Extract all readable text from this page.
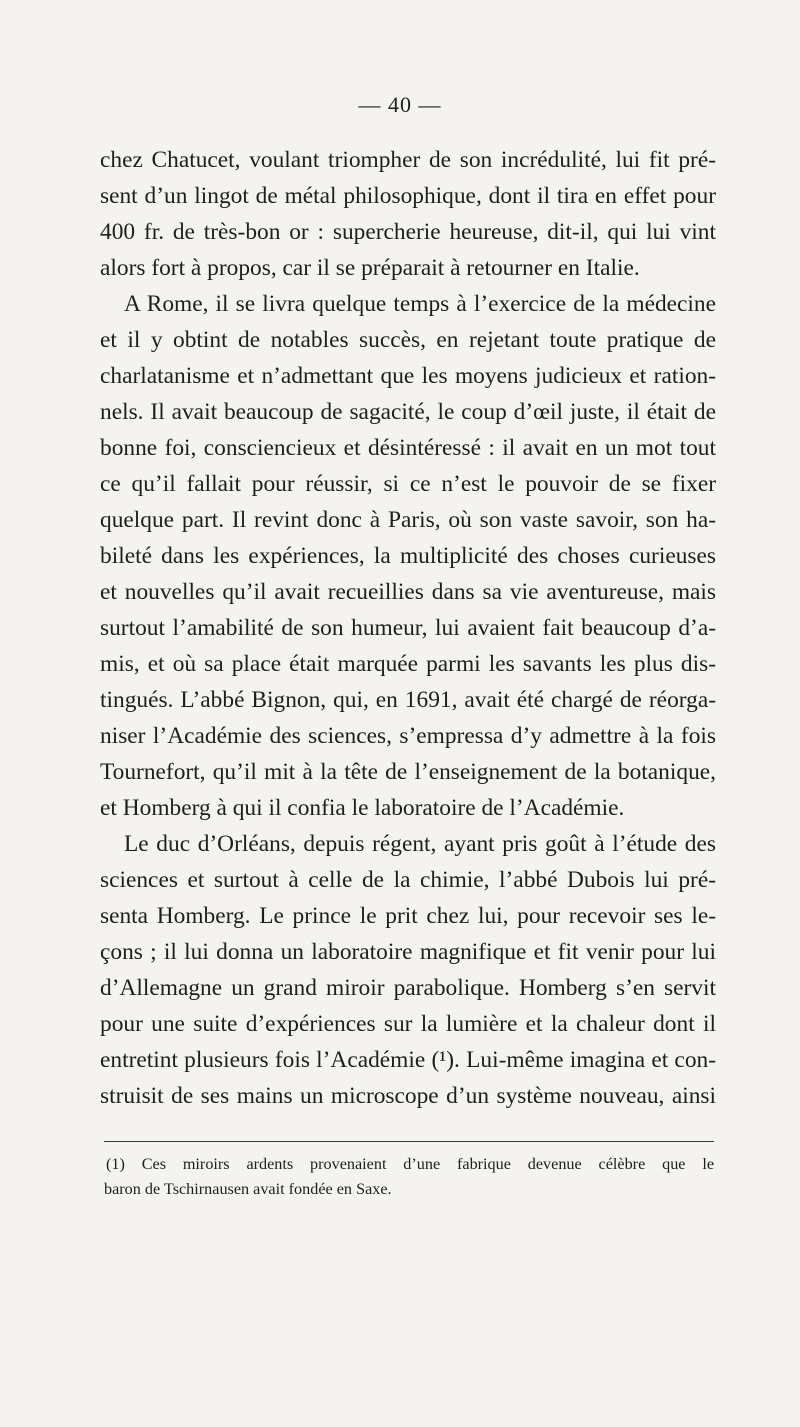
— 40 —
chez Chatucet, voulant triompher de son incrédulité, lui fit pré-
sent d’un lingot de métal philosophique, dont il tira en effet pour
400 fr. de très-bon or : supercherie heureuse, dit-il, qui lui vint
alors fort à propos, car il se préparait à retourner en Italie.
A Rome, il se livra quelque temps à l’exercice de la médecine
et il y obtint de notables succès, en rejetant toute pratique de
charlatanisme et n’admettant que les moyens judicieux et ration-
nels. Il avait beaucoup de sagacité, le coup d’œil juste, il était de
bonne foi, consciencieux et désintéressé : il avait en un mot tout
ce qu’il fallait pour réussir, si ce n’est le pouvoir de se fixer
quelque part. Il revint donc à Paris, où son vaste savoir, son ha-
bileté dans les expériences, la multiplicité des choses curieuses
et nouvelles qu’il avait recueillies dans sa vie aventureuse, mais
surtout l’amabilité de son humeur, lui avaient fait beaucoup d’a-
mis, et où sa place était marquée parmi les savants les plus dis-
tingués. L’abbé Bignon, qui, en 1691, avait été chargé de réorga-
niser l’Académie des sciences, s’empressa d’y admettre à la fois
Tournefort, qu’il mit à la tête de l’enseignement de la botanique,
et Homberg à qui il confia le laboratoire de l’Académie.
Le duc d’Orléans, depuis régent, ayant pris goût à l’étude des
sciences et surtout à celle de la chimie, l’abbé Dubois lui pré-
senta Homberg. Le prince le prit chez lui, pour recevoir ses le-
çons ; il lui donna un laboratoire magnifique et fit venir pour lui
d’Allemagne un grand miroir parabolique. Homberg s’en servit
pour une suite d’expériences sur la lumière et la chaleur dont il
entretint plusieurs fois l’Académie (¹). Lui-même imagina et con-
struisit de ses mains un microscope d’un système nouveau, ainsi
(1) Ces miroirs ardents provenaient d’une fabrique devenue célèbre que le
baron de Tschirnausen avait fondée en Saxe.
